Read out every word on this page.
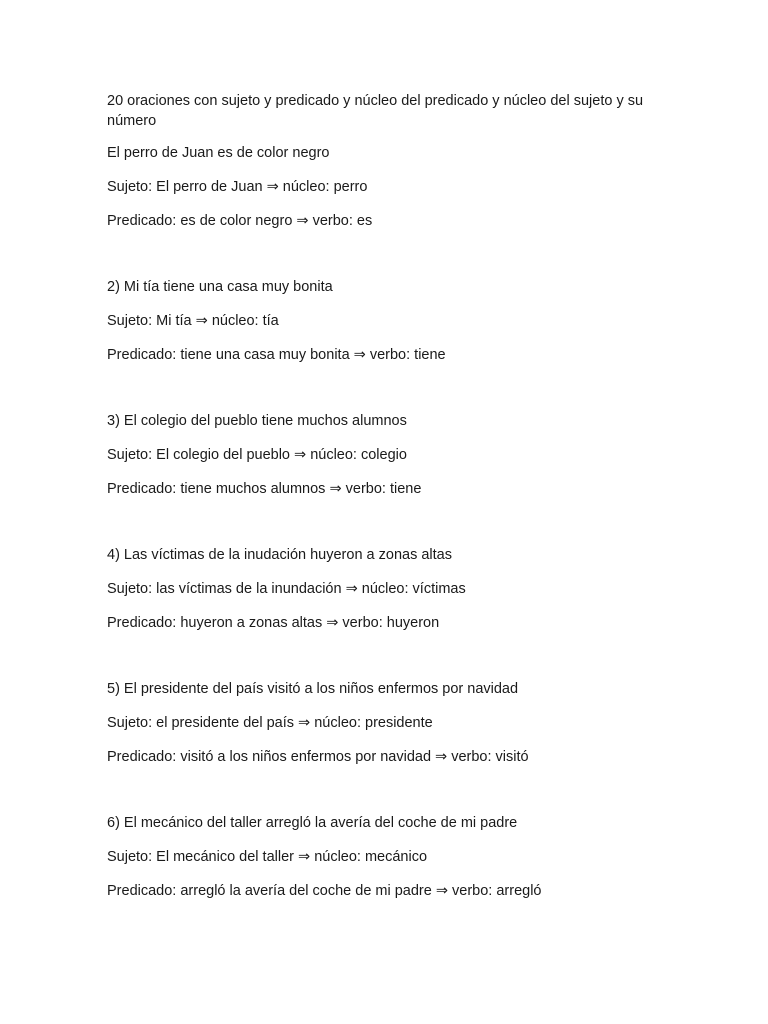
20 oraciones con sujeto y predicado y núcleo del predicado y núcleo del sujeto y su número

El perro de Juan es de color negro

Sujeto: El perro de Juan ⇒ núcleo: perro

Predicado: es de color negro ⇒ verbo: es

2) Mi tía tiene una casa muy bonita

Sujeto: Mi tía ⇒ núcleo: tía

Predicado: tiene una casa muy bonita ⇒ verbo: tiene

3) El colegio del pueblo tiene muchos alumnos

Sujeto: El colegio del pueblo ⇒ núcleo: colegio

Predicado: tiene muchos alumnos ⇒ verbo: tiene

4) Las víctimas de la inudación huyeron a zonas altas

Sujeto: las víctimas de la inundación ⇒ núcleo: víctimas

Predicado: huyeron a zonas altas ⇒ verbo: huyeron

5) El presidente del país visitó a los niños enfermos por navidad

Sujeto: el presidente del país ⇒ núcleo: presidente

Predicado: visitó a los niños enfermos por navidad ⇒ verbo: visitó

6) El mecánico del taller arregló la avería del coche de mi padre

Sujeto: El mecánico del taller ⇒ núcleo: mecánico

Predicado: arregló la avería del coche de mi padre ⇒ verbo: arregló
